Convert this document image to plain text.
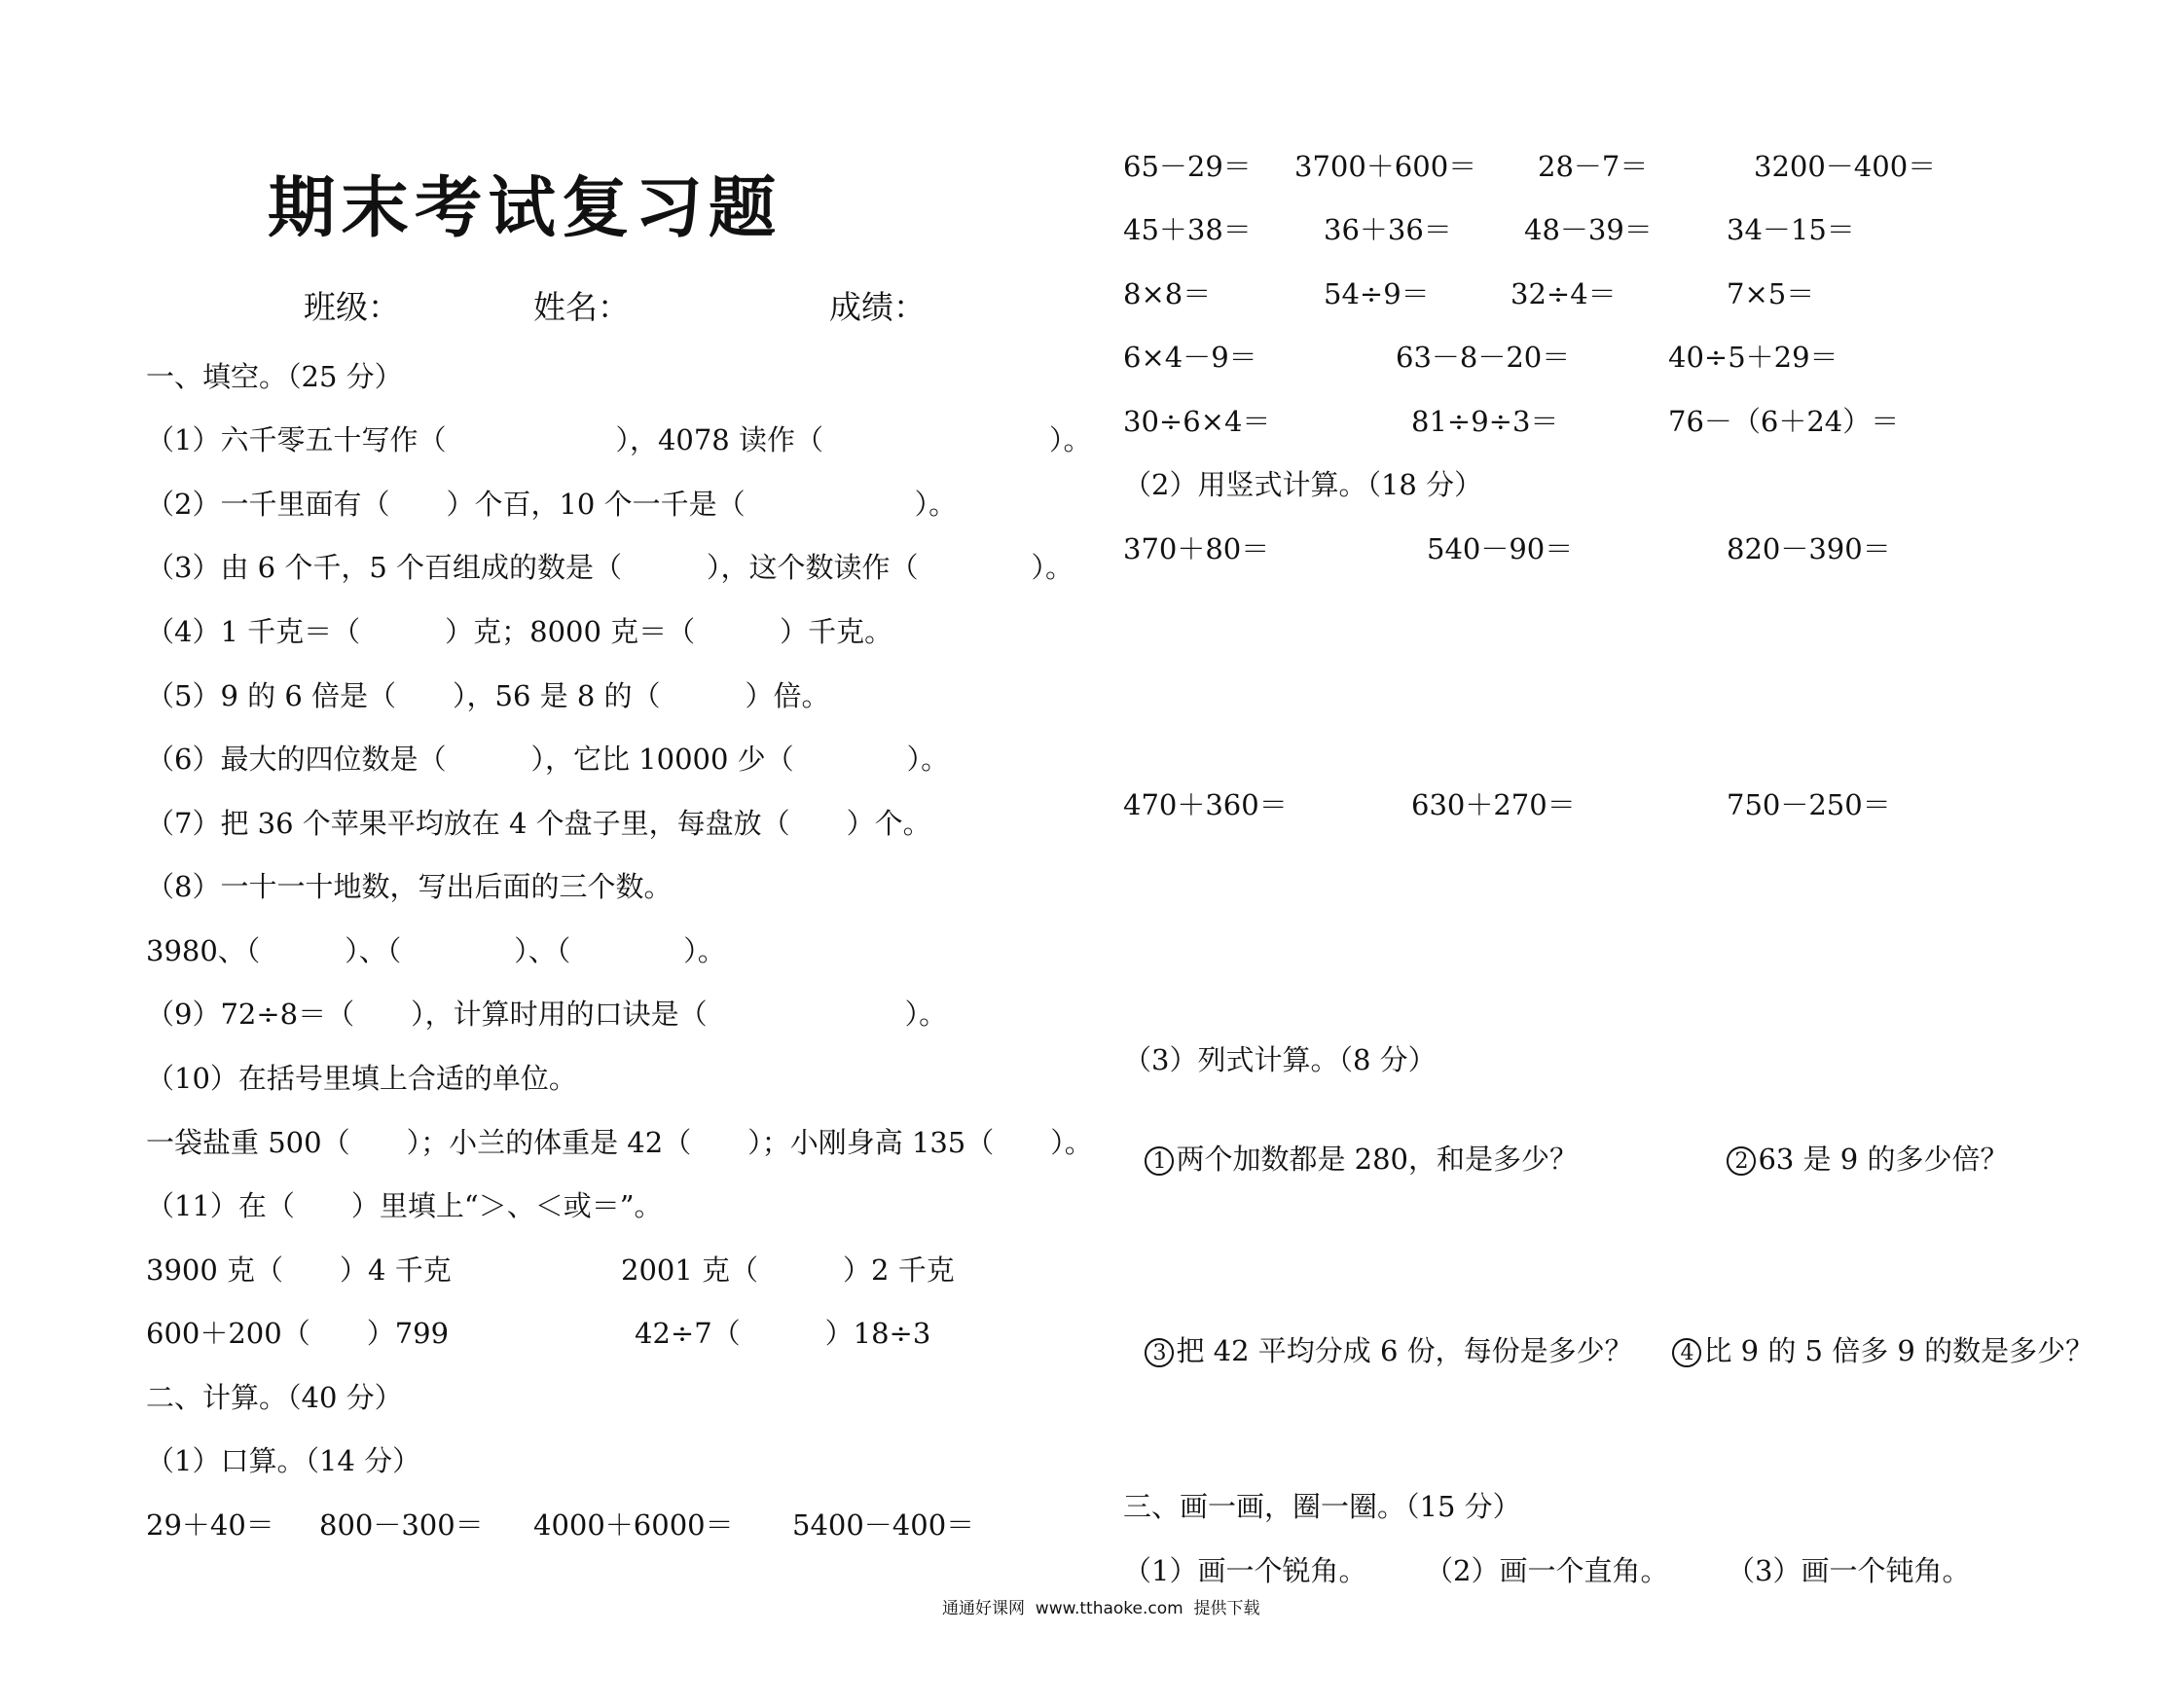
期末考试复习题
班级：	姓名：	成绩：
一、填空。（25 分）
（1）六千零五十写作（　　　　　　），4078 读作（　　　　　　　　）。
（2）一千里面有（　　）个百，10 个一千是（　　　　　　）。
（3）由 6 个千，5 个百组成的数是（　　　），这个数读作（　　　　）。
（4）1 千克＝（　　　）克；8000 克＝（　　　）千克。
（5）9 的 6 倍是（　　），56 是 8 的（　　　）倍。
（6）最大的四位数是（　　　），它比 10000 少（　　　　）。
（7）把 36 个苹果平均放在 4 个盘子里，每盘放（　　）个。
（8）一十一十地数，写出后面的三个数。
3980、（　　　）、（　　　　）、（　　　　）。
（9）72÷8＝（　　），计算时用的口诀是（　　　　　　　）。
（10）在括号里填上合适的单位。
一袋盐重 500（　　）；小兰的体重是 42（　　）；小刚身高 135（　　）。
（11）在（　　）里填上“＞、＜或＝”。
3900 克（　　）4 千克	2001 克（　　　）2 千克
600＋200（　　）799	42÷7（　　　）18÷3
二、计算。（40 分）
（1）口算。（14 分）
29＋40＝ 800－300＝ 4000＋6000＝ 5400－400＝
65－29＝ 3700＋600＝ 28－7＝	3200－400＝
45＋38＝	36＋36＝	48－39＝	34－15＝
8×8＝	54÷9＝	32÷4＝	7×5＝
6×4－9＝	63－8－20＝	40÷5＋29＝
30÷6×4＝	81÷9÷3＝	76－（6＋24）＝
（2）用竖式计算。（18 分）
370＋80＝	540－90＝	820－390＝
470＋360＝	630＋270＝	750－250＝
（3）列式计算。（8 分）

1 两个加数都是 280，和是多少？	2 63 是 9 的多少倍？

3 把 42 平均分成 6 份，每份是多少？	4 比 9 的 5 倍多 9 的数是多少？

三、画一画，圈一圈。（15 分）
（1）画一个锐角。 （2）画一个直角。 （3）画一个钝角。
通通好课网  www.tthaoke.com  提供下载
